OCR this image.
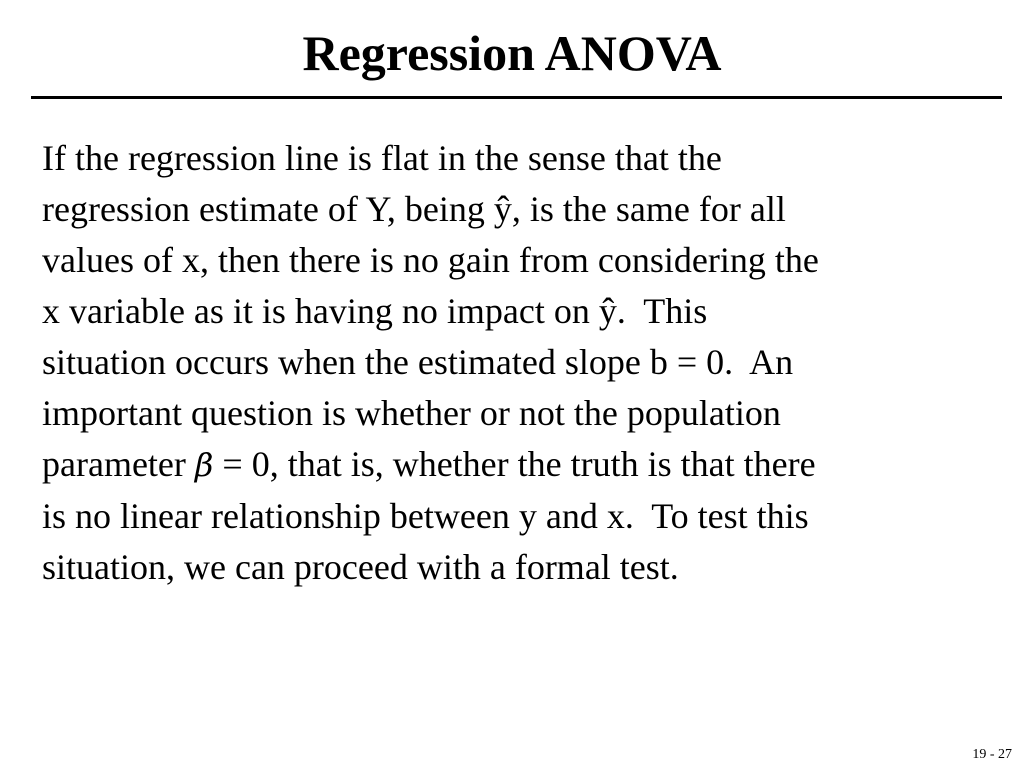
Regression ANOVA
If the regression line is flat in the sense that the
regression estimate of Y, being ŷ, is the same for all
values of x, then there is no gain from considering the
x variable as it is having no impact on ŷ.  This
situation occurs when the estimated slope b = 0.  An
important question is whether or not the population
parameter β = 0, that is, whether the truth is that there
is no linear relationship between y and x.  To test this
situation, we can proceed with a formal test.
19 - 27
